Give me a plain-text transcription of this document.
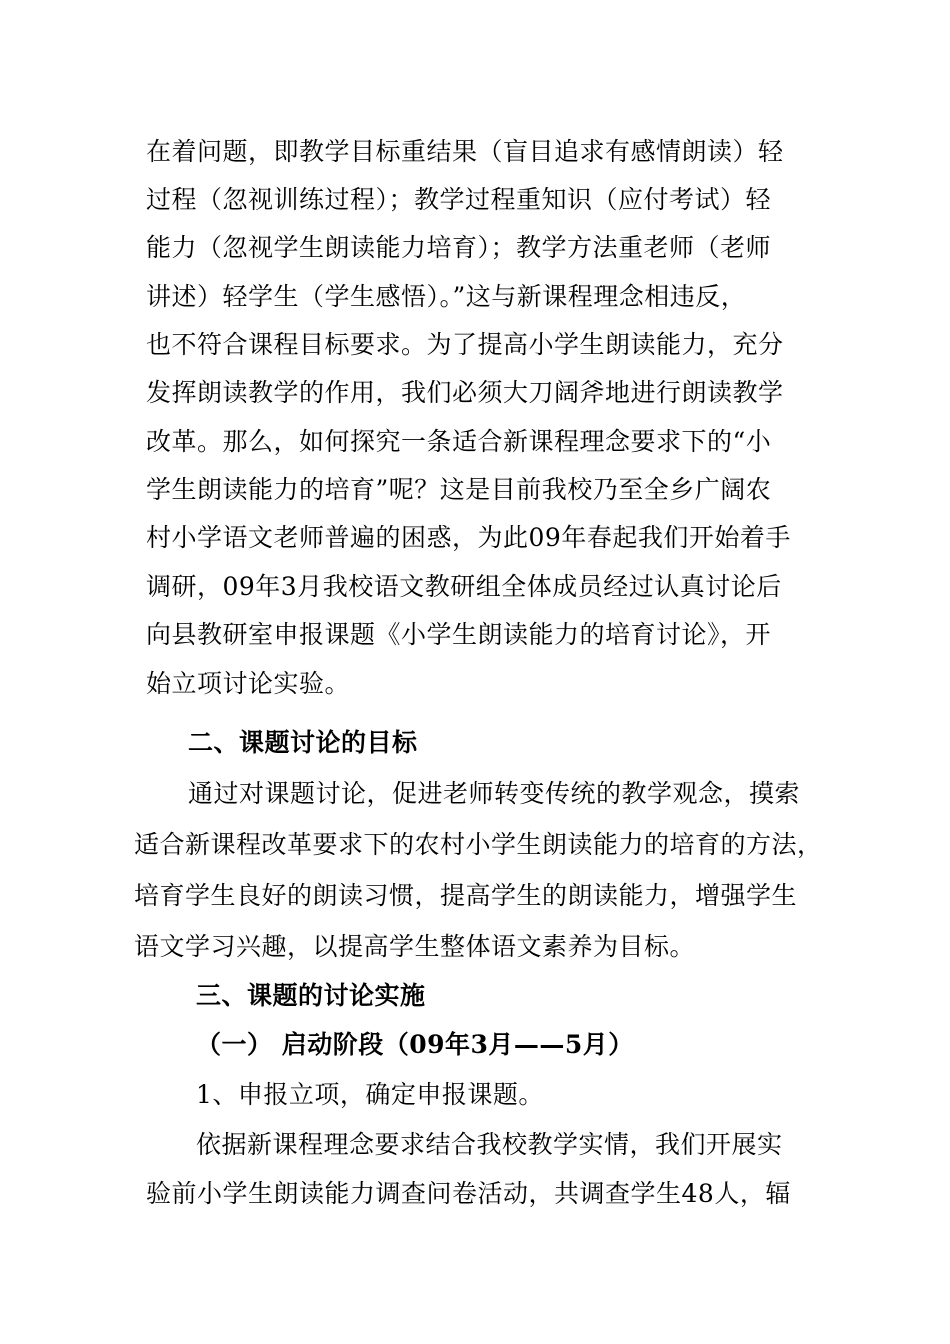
在着问题，即教学目标重结果（盲目追求有感情朗读）轻
过程（忽视训练过程）；教学过程重知识（应付考试）轻
能力（忽视学生朗读能力培育）；教学方法重老师（老师
讲述）轻学生（学生感悟）。”这与新课程理念相违反，
也不符合课程目标要求。为了提高小学生朗读能力，充分
发挥朗读教学的作用，我们必须大刀阔斧地进行朗读教学
改革。那么，如何探究一条适合新课程理念要求下的“小
学生朗读能力的培育”呢？这是目前我校乃至全乡广阔农
村小学语文老师普遍的困惑，为此09年春起我们开始着手
调研，09年3月我校语文教研组全体成员经过认真讨论后
向县教研室申报课题《小学生朗读能力的培育讨论》，开
始立项讨论实验。
二、课题讨论的目标
通过对课题讨论，促进老师转变传统的教学观念，摸索
适合新课程改革要求下的农村小学生朗读能力的培育的方法，
培育学生良好的朗读习惯，提高学生的朗读能力，增强学生
语文学习兴趣，以提高学生整体语文素养为目标。
三、课题的讨论实施
（一） 启动阶段（09年3月——5月）
1、申报立项，确定申报课题。
依据新课程理念要求结合我校教学实情，我们开展实
验前小学生朗读能力调查问卷活动，共调查学生48人，辐
